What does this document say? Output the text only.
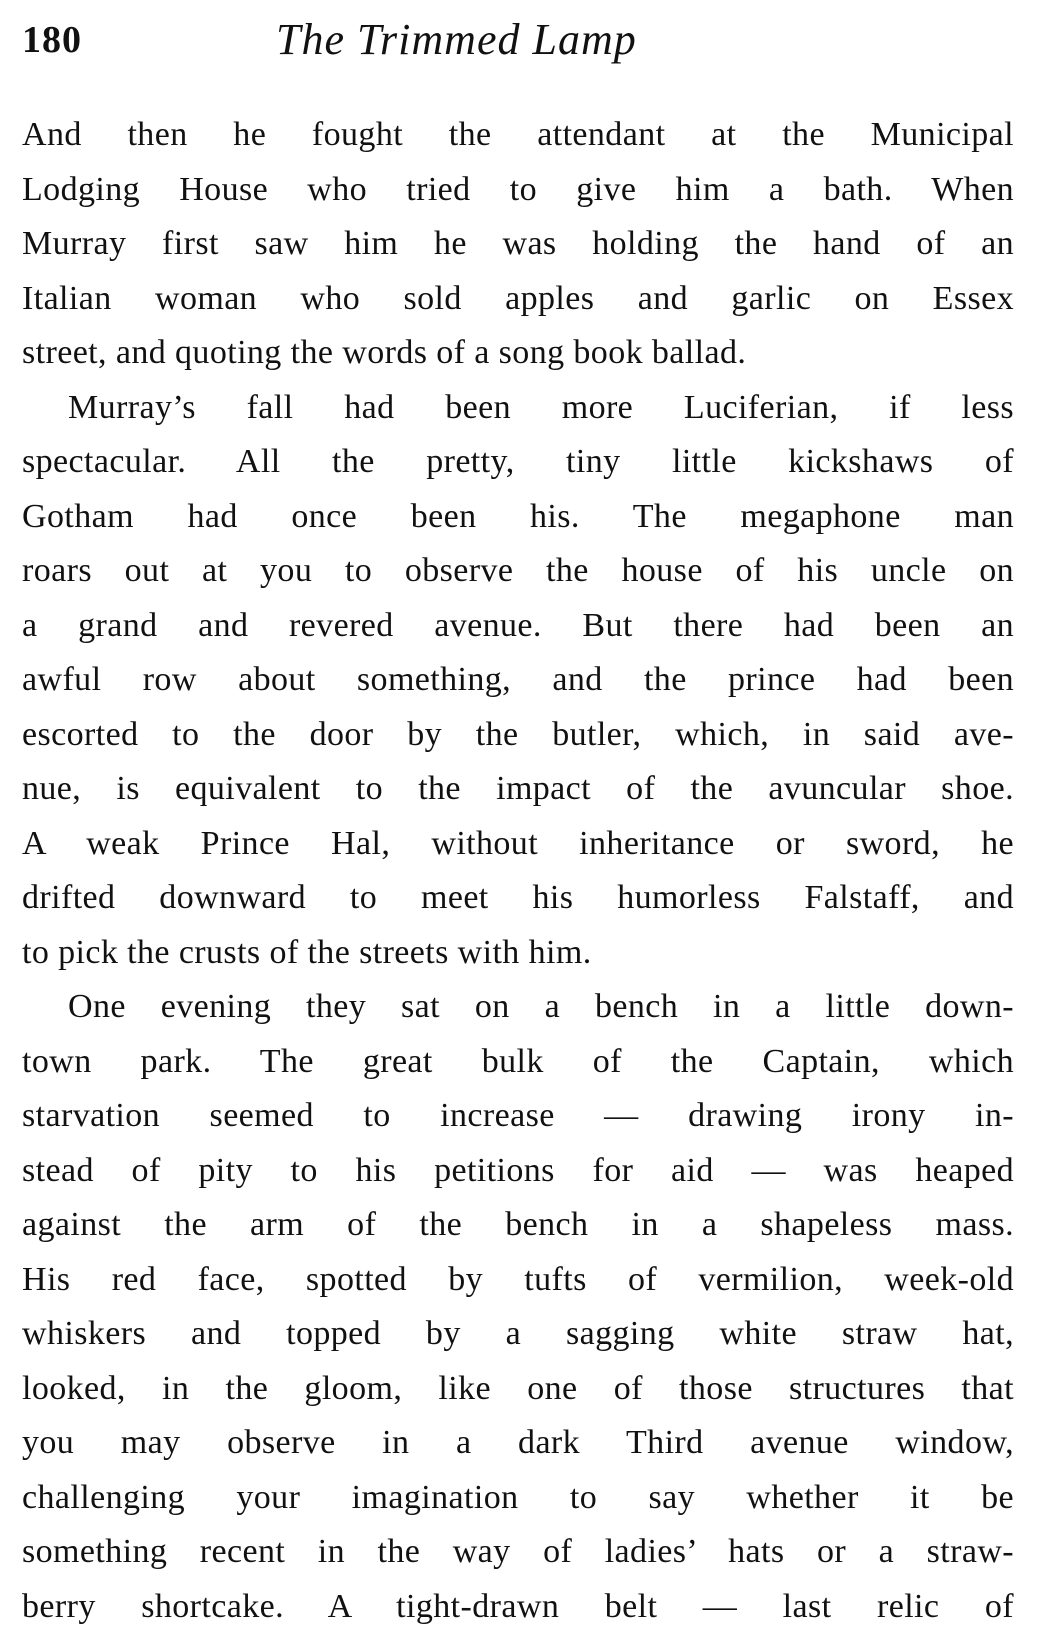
180	The Trimmed Lamp
And then he fought the attendant at the Municipal
Lodging House who tried to give him a bath. When
Murray first saw him he was holding the hand of an
Italian woman who sold apples and garlic on Essex
street, and quoting the words of a song book ballad.
Murray’s fall had been more Luciferian, if less
spectacular. All the pretty, tiny little kickshaws of
Gotham had once been his. The megaphone man
roars out at you to observe the house of his uncle on
a grand and revered avenue. But there had been an
awful row about something, and the prince had been
escorted to the door by the butler, which, in said ave-
nue, is equivalent to the impact of the avuncular shoe.
A weak Prince Hal, without inheritance or sword, he
drifted downward to meet his humorless Falstaff, and
to pick the crusts of the streets with him.
One evening they sat on a bench in a little down-
town park. The great bulk of the Captain, which
starvation seemed to increase — drawing irony in-
stead of pity to his petitions for aid — was heaped
against the arm of the bench in a shapeless mass.
His red face, spotted by tufts of vermilion, week-old
whiskers and topped by a sagging white straw hat,
looked, in the gloom, like one of those structures that
you may observe in a dark Third avenue window,
challenging your imagination to say whether it be
something recent in the way of ladies’ hats or a straw-
berry shortcake. A tight-drawn belt — last relic of
